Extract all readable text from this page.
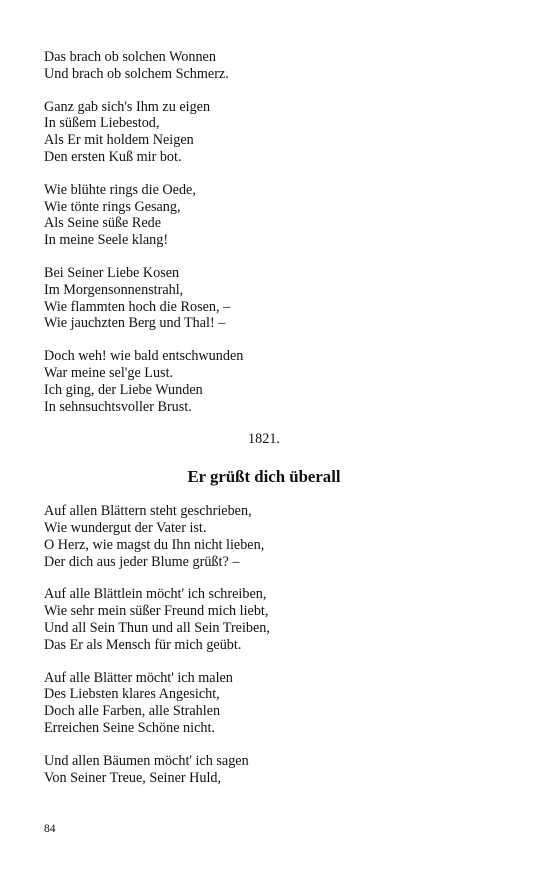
Das brach ob solchen Wonnen
Und brach ob solchem Schmerz.
Ganz gab sich's Ihm zu eigen
In süßem Liebestod,
Als Er mit holdem Neigen
Den ersten Kuß mir bot.
Wie blühte rings die Oede,
Wie tönte rings Gesang,
Als Seine süße Rede
In meine Seele klang!
Bei Seiner Liebe Kosen
Im Morgensonnenstrahl,
Wie flammten hoch die Rosen, –
Wie jauchzten Berg und Thal! –
Doch weh! wie bald entschwunden
War meine sel'ge Lust.
Ich ging, der Liebe Wunden
In sehnsuchtsvoller Brust.
1821.
Er grüßt dich überall
Auf allen Blättern steht geschrieben,
Wie wundergut der Vater ist.
O Herz, wie magst du Ihn nicht lieben,
Der dich aus jeder Blume grüßt? –
Auf alle Blättlein möcht' ich schreiben,
Wie sehr mein süßer Freund mich liebt,
Und all Sein Thun und all Sein Treiben,
Das Er als Mensch für mich geübt.
Auf alle Blätter möcht' ich malen
Des Liebsten klares Angesicht,
Doch alle Farben, alle Strahlen
Erreichen Seine Schöne nicht.
Und allen Bäumen möcht' ich sagen
Von Seiner Treue, Seiner Huld,
84
